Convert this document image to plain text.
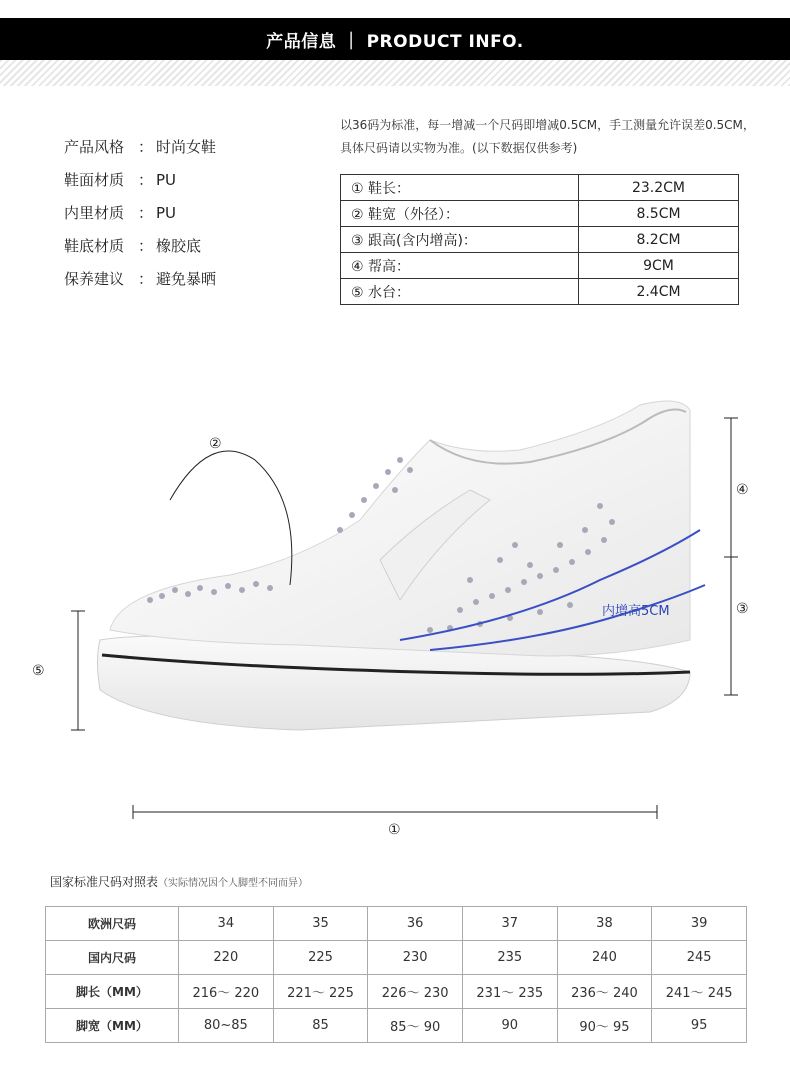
产品信息 ｜ PRODUCT INFO.
产品风格 ： 时尚女鞋
鞋面材质 ： PU
内里材质 ： PU
鞋底材质 ： 橡胶底
保养建议 ： 避免暴晒
以36码为标准，每一增减一个尺码即增减0.5CM，手工测量允许误差0.5CM，
具体尺码请以实物为准。(以下数据仅供参考)
① 鞋长：	23.2CM
② 鞋宽（外径）：	8.5CM
③ 跟高(含内增高)：	8.2CM
④ 帮高：	9CM
⑤ 水台：	2.4CM
②
⑤
④
③
①
内增高5CM
国家标准尺码对照表（实际情况因个人脚型不同而异）
欧洲尺码	34	35	36	37	38	39
国内尺码	220	225	230	235	240	245
脚长（MM）	216～ 220	221～ 225	226～ 230	231～ 235	236～ 240	241～ 245
脚宽（MM）	80~85	85	85～ 90	90	90～ 95	95
